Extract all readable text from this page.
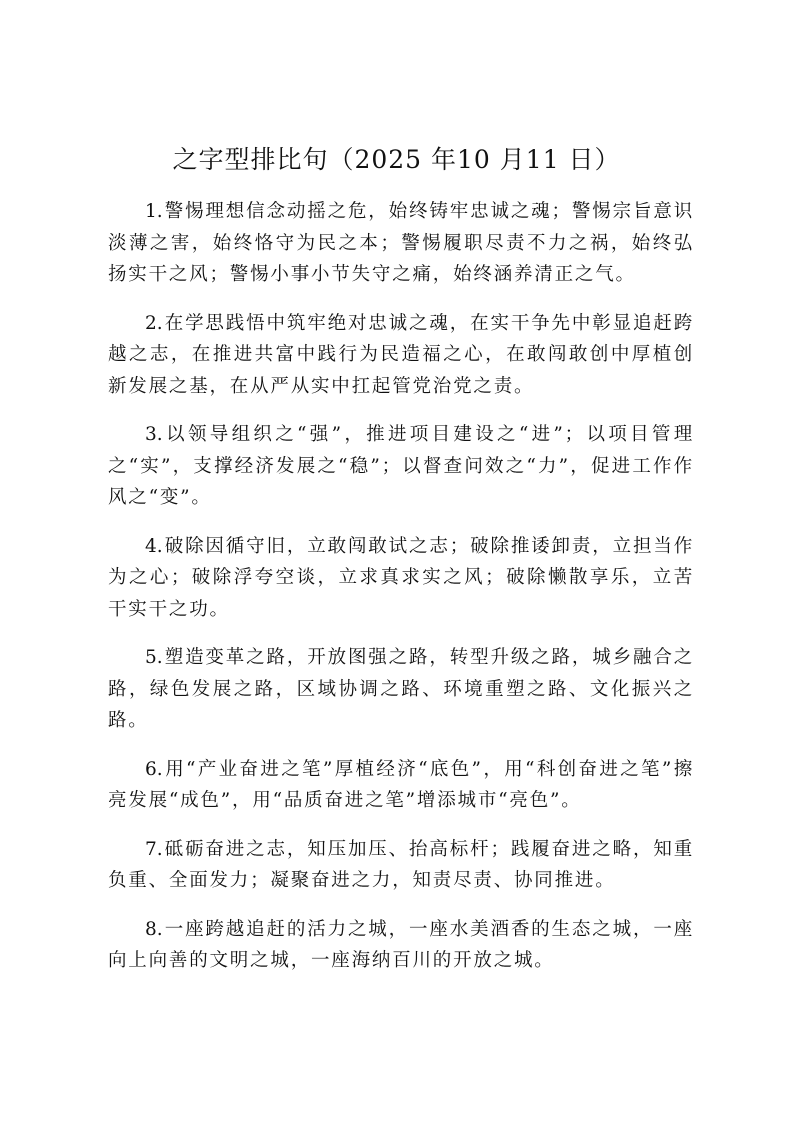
之字型排比句（2025 年10 月11 日）

1. 警惕理想信念动摇之危，始终铸牢忠诚之魂；警惕宗旨意识淡薄之害，始终恪守为民之本；警惕履职尽责不力之祸，始终弘扬实干之风；警惕小事小节失守之痛，始终涵养清正之气。

2. 在学思践悟中筑牢绝对忠诚之魂，在实干争先中彰显追赶跨越之志，在推进共富中践行为民造福之心，在敢闯敢创中厚植创新发展之基，在从严从实中扛起管党治党之责。

3. 以领导组织之“强”，推进项目建设之“进”；以项目管理之“实”，支撑经济发展之“稳”；以督查问效之“力”，促进工作作风之“变”。

4. 破除因循守旧，立敢闯敢试之志；破除推诿卸责，立担当作为之心；破除浮夸空谈，立求真求实之风；破除懒散享乐，立苦干实干之功。

5. 塑造变革之路，开放图强之路，转型升级之路，城乡融合之路，绿色发展之路，区域协调之路、环境重塑之路、文化振兴之路。

6. 用“产业奋进之笔”厚植经济“底色”，用“科创奋进之笔”擦亮发展“成色”，用“品质奋进之笔”增添城市“亮色”。

7. 砥砺奋进之志，知压加压、抬高标杆；践履奋进之略，知重负重、全面发力；凝聚奋进之力，知责尽责、协同推进。

8. 一座跨越追赶的活力之城，一座水美酒香的生态之城，一座向上向善的文明之城，一座海纳百川的开放之城。
